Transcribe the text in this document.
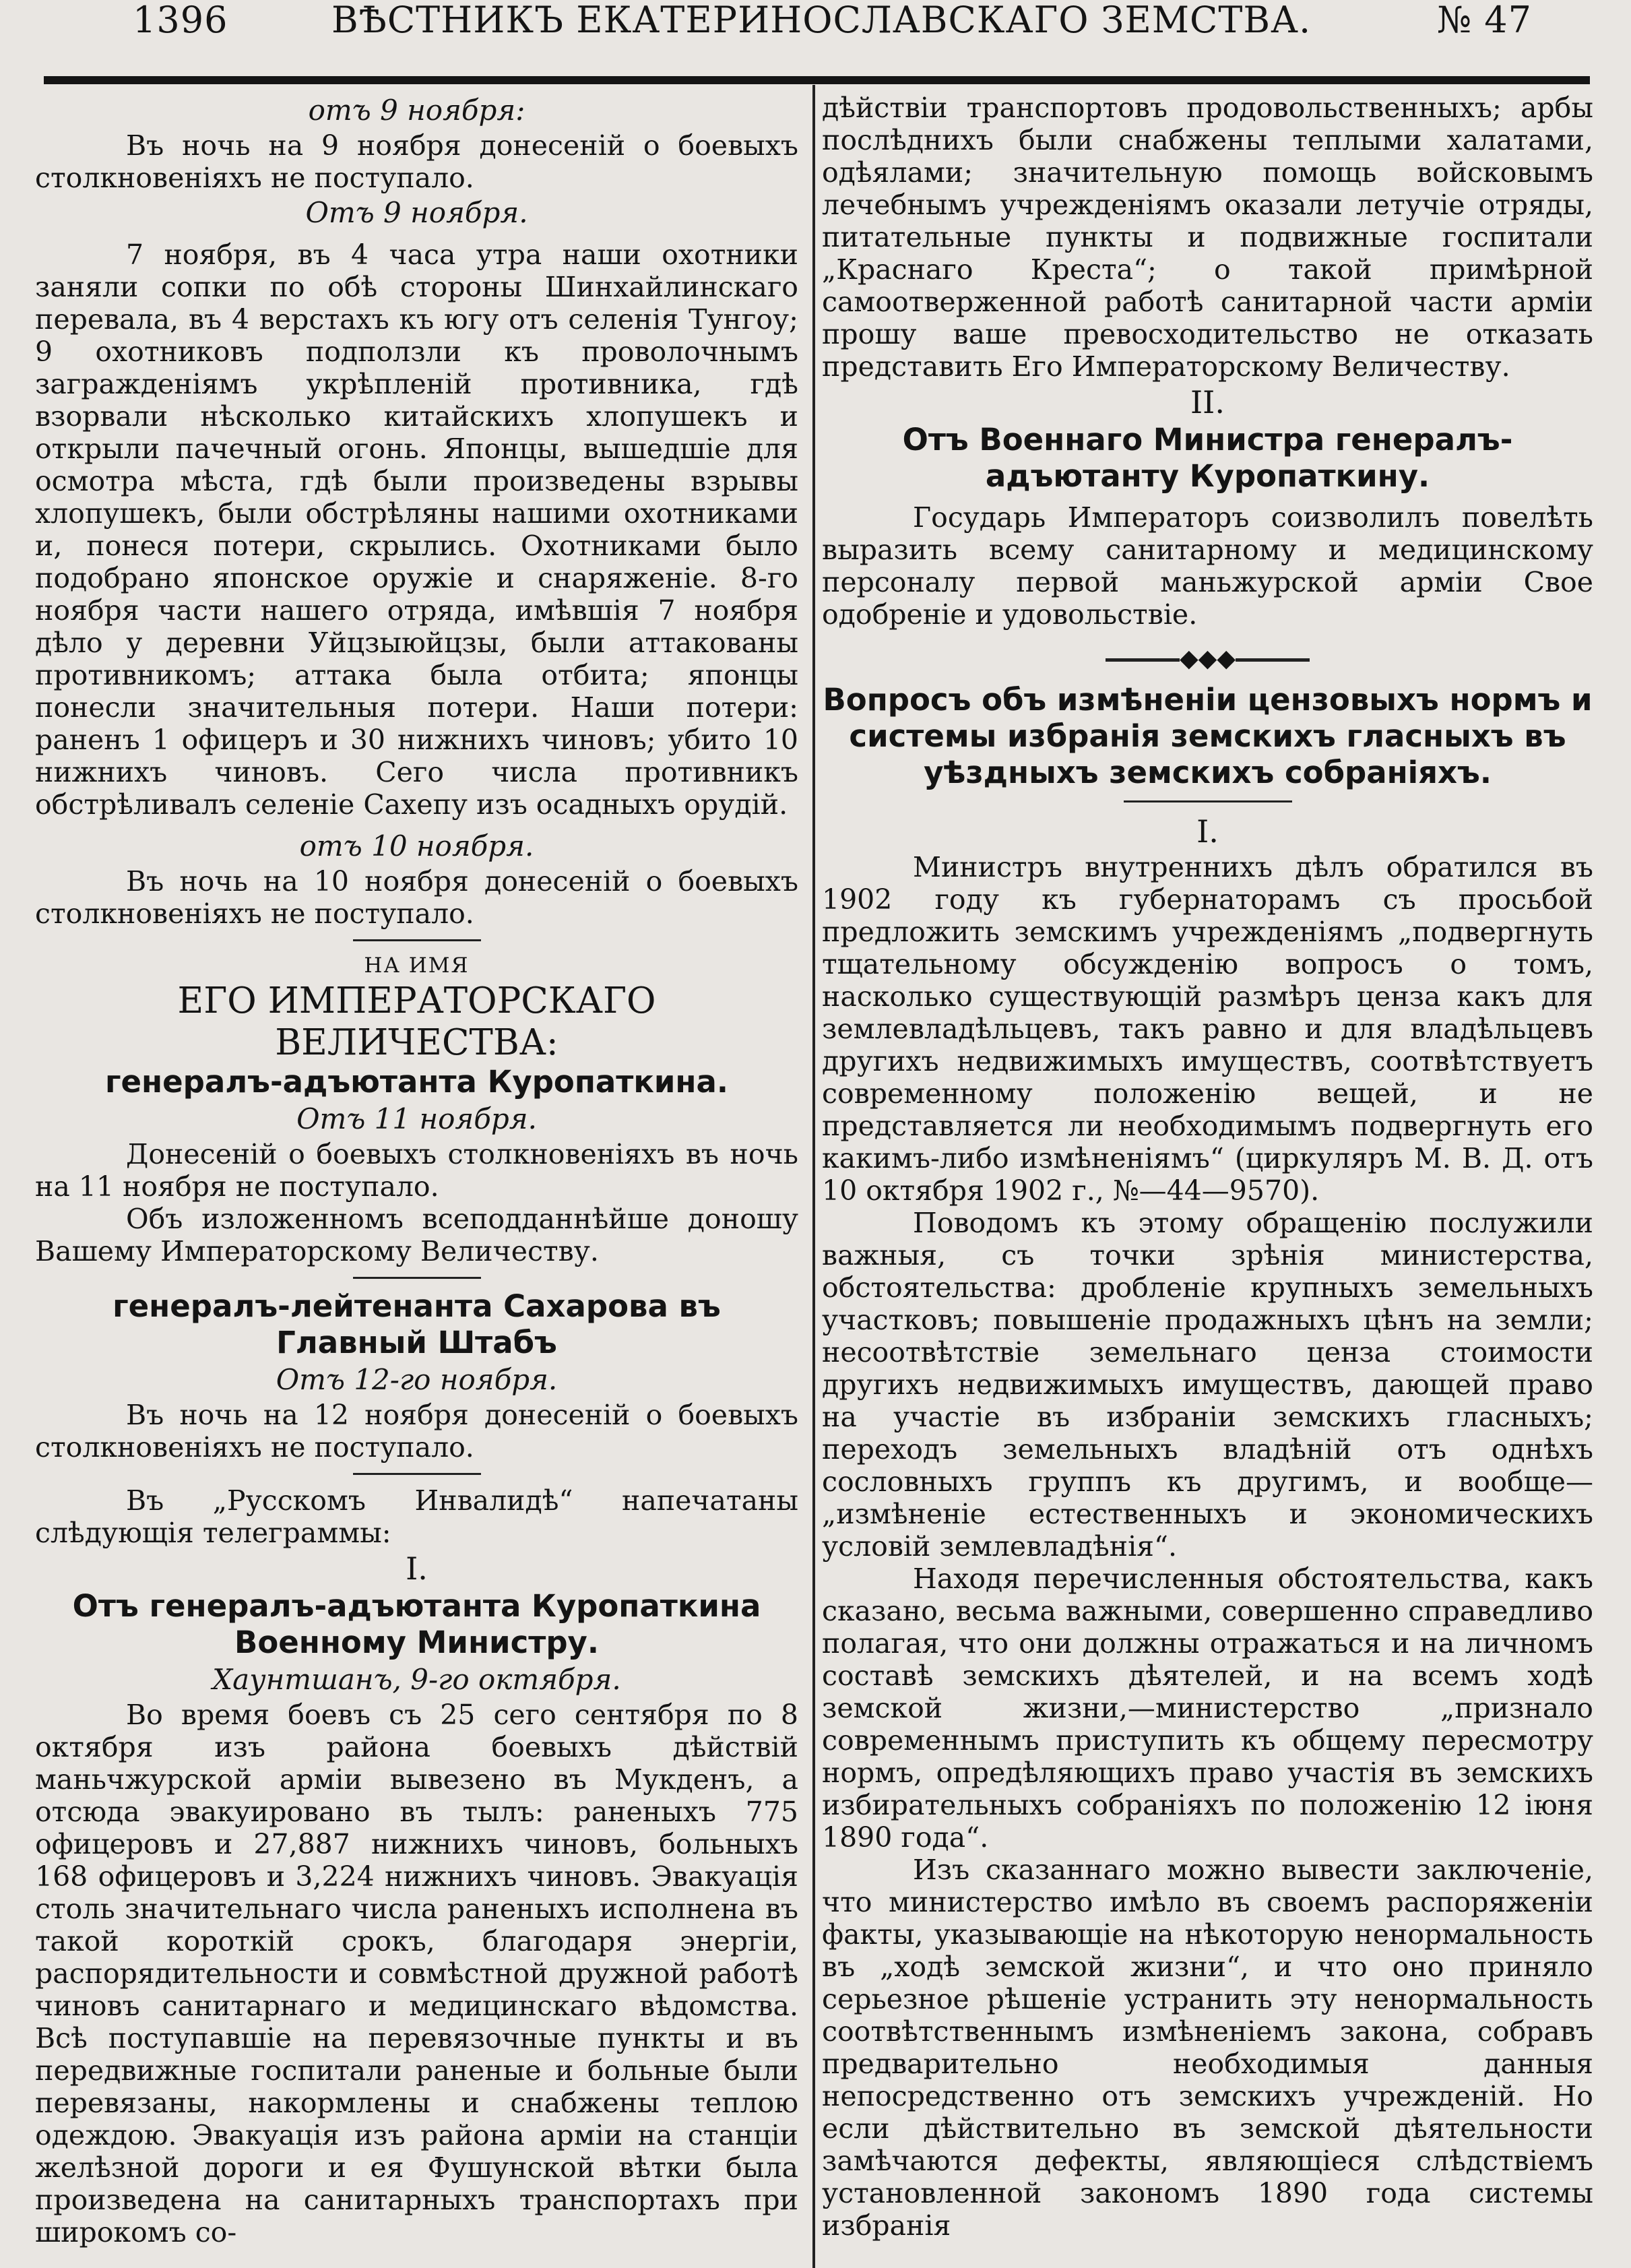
1396	ВѢСТНИКЪ ЕКАТЕРИНОСЛАВСКАГО ЗЕМСТВА.	№ 47

отъ 9 ноября:

Въ ночь на 9 ноября донесеній о боевыхъ столкновеніяхъ не поступало.

Отъ 9 ноября.

7 ноября, въ 4 часа утра наши охотники заняли сопки по обѣ стороны Шинхайлинскаго перевала, въ 4 верстахъ къ югу отъ селенія Тунгоу; 9 охотниковъ подползли къ проволочнымъ загражденіямъ укрѣпленій противника, гдѣ взорвали нѣсколько китайскихъ хлопушекъ и открыли пачечный огонь. Японцы, вышедшіе для осмотра мѣста, гдѣ были произведены взрывы хлопушекъ, были обстрѣляны нашими охотниками и, понеся потери, скрылись. Охотниками было подобрано японское оружіе и снаряженіе. 8-го ноября части нашего отряда, имѣвшія 7 ноября дѣло у деревни Уйцзыюйцзы, были аттакованы противникомъ; аттака была отбита; японцы понесли значительныя потери. Наши потери: раненъ 1 офицеръ и 30 нижнихъ чиновъ; убито 10 нижнихъ чиновъ. Сего числа противникъ обстрѣливалъ селеніе Сахепу изъ осадныхъ орудій.

отъ 10 ноября.

Въ ночь на 10 ноября донесеній о боевыхъ столкновеніяхъ не поступало.

НА ИМЯ

ЕГО ИМПЕРАТОРСКАГО ВЕЛИЧЕСТВА:

генералъ-адъютанта Куропаткина.

Отъ 11 ноября.

Донесеній о боевыхъ столкновеніяхъ въ ночь на 11 ноября не поступало.

Объ изложенномъ всеподданнѣйше доношу Вашему Императорскому Величеству.

генералъ-лейтенанта Сахарова въ Главный Штабъ

Отъ 12-го ноября.

Въ ночь на 12 ноября донесеній о боевыхъ столкновеніяхъ не поступало.

Въ „Русскомъ Инвалидѣ“ напечатаны слѣдующія телеграммы:

I.

Отъ генералъ-адъютанта Куропаткина Военному Министру.

Хаунтшанъ, 9-го октября.

Во время боевъ съ 25 сего сентября по 8 октября изъ района боевыхъ дѣйствій маньчжурской арміи вывезено въ Мукденъ, а отсюда эвакуировано въ тылъ: раненыхъ 775 офицеровъ и 27,887 нижнихъ чиновъ, больныхъ 168 офицеровъ и 3,224 нижнихъ чиновъ. Эвакуація столь значительнаго числа раненыхъ исполнена въ такой короткій срокъ, благодаря энергіи, распорядительности и совмѣстной дружной работѣ чиновъ санитарнаго и медицинскаго вѣдомства. Всѣ поступавшіе на перевязочные пункты и въ передвижные госпитали раненые и больные были перевязаны, накормлены и снабжены теплою одеждою. Эвакуація изъ района арміи на станціи желѣзной дороги и ея Фушунской вѣтки была произведена на санитарныхъ транспортахъ при широкомъ со-

дѣйствіи транспортовъ продовольственныхъ; арбы послѣднихъ были снабжены теплыми халатами, одѣялами; значительную помощь войсковымъ лечебнымъ учрежденіямъ оказали летучіе отряды, питательные пункты и подвижные госпитали „Краснаго Креста“; о такой примѣрной самоотверженной работѣ санитарной части арміи прошу ваше превосходительство не отказать представить Его Императорскому Величеству.

II.

Отъ Военнаго Министра генералъ-адъютанту Куропаткину.

Государь Императоръ соизволилъ повелѣть выразить всему санитарному и медицинскому персоналу первой маньжурской арміи Свое одобреніе и удовольствіе.

◆◆◆

Вопросъ объ измѣненіи цензовыхъ нормъ и системы избранія земскихъ гласныхъ въ уѣздныхъ земскихъ собраніяхъ.

I.

Министръ внутреннихъ дѣлъ обратился въ 1902 году къ губернаторамъ съ просьбой предложить земскимъ учрежденіямъ „подвергнуть тщательному обсужденію вопросъ о томъ, насколько существующій размѣръ ценза какъ для землевладѣльцевъ, такъ равно и для владѣльцевъ другихъ недвижимыхъ имуществъ, соотвѣтствуетъ современному положенію вещей, и не представляется ли необходимымъ подвергнуть его какимъ-либо измѣненіямъ“ (циркуляръ М. В. Д. отъ 10 октября 1902 г., №—44—9570).

Поводомъ къ этому обращенію послужили важныя, съ точки зрѣнія министерства, обстоятельства: дробленіе крупныхъ земельныхъ участковъ; повышеніе продажныхъ цѣнъ на земли; несоотвѣтствіе земельнаго ценза стоимости другихъ недвижимыхъ имуществъ, дающей право на участіе въ избраніи земскихъ гласныхъ; переходъ земельныхъ владѣній отъ однѣхъ сословныхъ группъ къ другимъ, и вообще—„измѣненіе естественныхъ и экономическихъ условій землевладѣнія“.

Находя перечисленныя обстоятельства, какъ сказано, весьма важными, совершенно справедливо полагая, что они должны отражаться и на личномъ составѣ земскихъ дѣятелей, и на всемъ ходѣ земской жизни,—министерство „признало современнымъ приступить къ общему пересмотру нормъ, опредѣляющихъ право участія въ земскихъ избирательныхъ собраніяхъ по положенію 12 іюня 1890 года“.

Изъ сказаннаго можно вывести заключеніе, что министерство имѣло въ своемъ распоряженіи факты, указывающіе на нѣкоторую ненормальность въ „ходѣ земской жизни“, и что оно приняло серьезное рѣшеніе устранить эту ненормальность соотвѣтственнымъ измѣненіемъ закона, собравъ предварительно необходимыя данныя непосредственно отъ земскихъ учрежденій. Но если дѣйствительно въ земской дѣятельности замѣчаются дефекты, являющіеся слѣдствіемъ установленной закономъ 1890 года системы избранія
